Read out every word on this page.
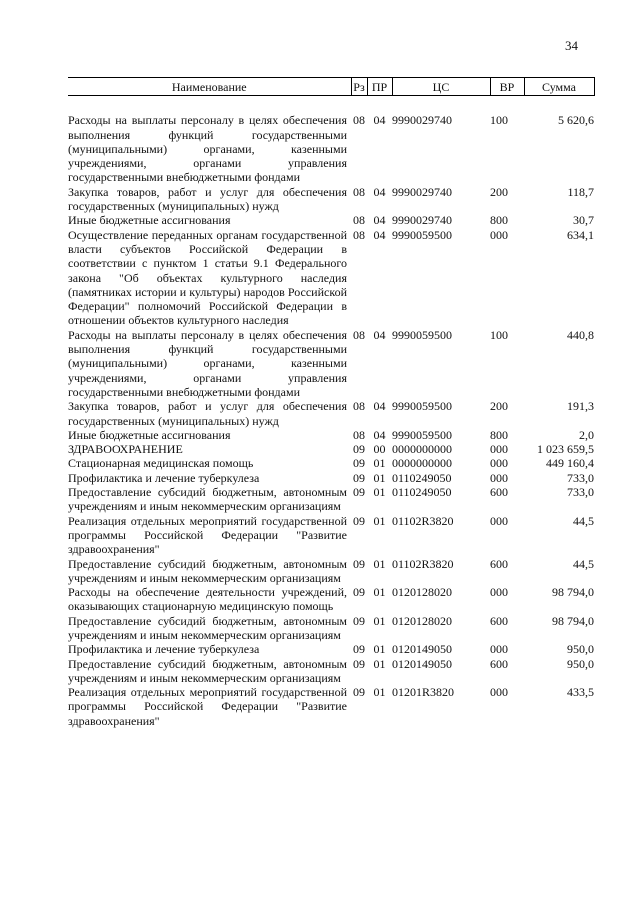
34
Наименование	Рз	ПР	ЦС	ВР	Сумма
Расходы на выплаты персоналу в целях обеспечения выполнения функций государственными (муниципальными) органами, казенными учреждениями, органами управления государственными внебюджетными фондами	08	04	9990029740	100	5 620,6
Закупка товаров, работ и услуг для обеспечения государственных (муниципальных) нужд	08	04	9990029740	200	118,7
Иные бюджетные ассигнования	08	04	9990029740	800	30,7
Осуществление переданных органам государственной власти субъектов Российской Федерации в соответствии с пунктом 1 статьи 9.1 Федерального закона "Об объектах культурного наследия (памятниках истории и культуры) народов Российской Федерации" полномочий Российской Федерации в отношении объектов культурного наследия	08	04	9990059500	000	634,1
Расходы на выплаты персоналу в целях обеспечения выполнения функций государственными (муниципальными) органами, казенными учреждениями, органами управления государственными внебюджетными фондами	08	04	9990059500	100	440,8
Закупка товаров, работ и услуг для обеспечения государственных (муниципальных) нужд	08	04	9990059500	200	191,3
Иные бюджетные ассигнования	08	04	9990059500	800	2,0
ЗДРАВООХРАНЕНИЕ	09	00	0000000000	000	1 023 659,5
Стационарная медицинская помощь	09	01	0000000000	000	449 160,4
Профилактика и лечение туберкулеза	09	01	0110249050	000	733,0
Предоставление субсидий бюджетным, автономным учреждениям и иным некоммерческим организациям	09	01	0110249050	600	733,0
Реализация отдельных мероприятий государственной программы Российской Федерации "Развитие здравоохранения"	09	01	01102R3820	000	44,5
Предоставление субсидий бюджетным, автономным учреждениям и иным некоммерческим организациям	09	01	01102R3820	600	44,5
Расходы на обеспечение деятельности учреждений, оказывающих стационарную медицинскую помощь	09	01	0120128020	000	98 794,0
Предоставление субсидий бюджетным, автономным учреждениям и иным некоммерческим организациям	09	01	0120128020	600	98 794,0
Профилактика и лечение туберкулеза	09	01	0120149050	000	950,0
Предоставление субсидий бюджетным, автономным учреждениям и иным некоммерческим организациям	09	01	0120149050	600	950,0
Реализация отдельных мероприятий государственной программы Российской Федерации "Развитие здравоохранения"	09	01	01201R3820	000	433,5
